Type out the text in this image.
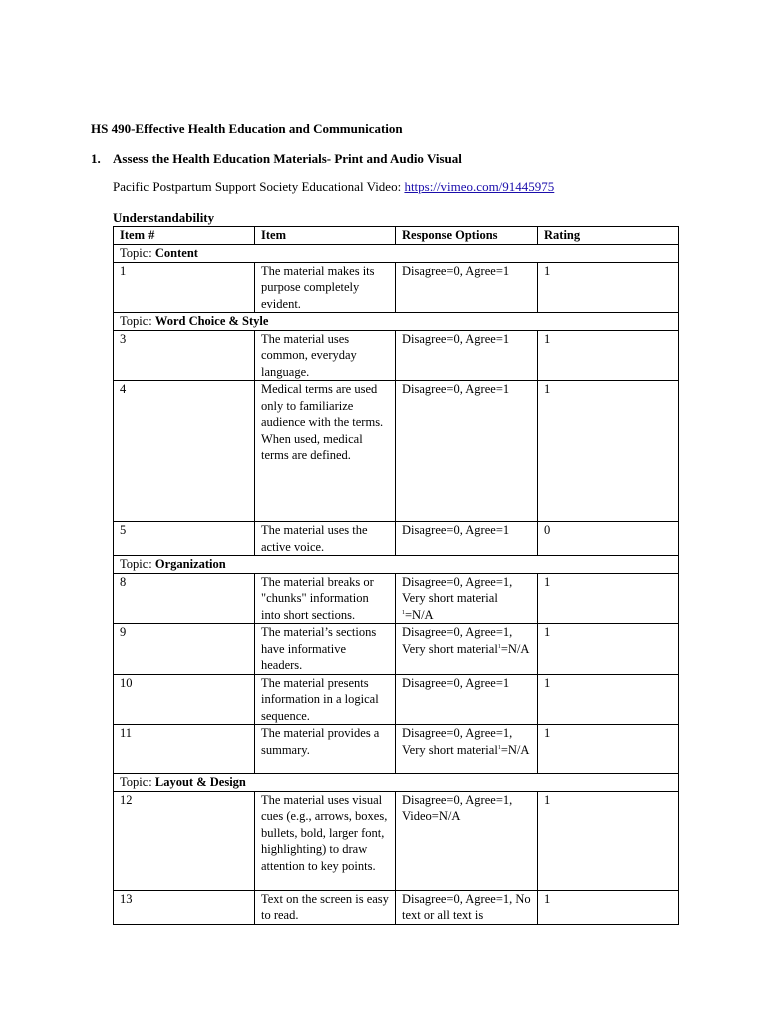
HS 490-Effective Health Education and Communication
1. Assess the Health Education Materials- Print and Audio Visual
Pacific Postpartum Support Society Educational Video: https://vimeo.com/91445975
Understandability
Item #	Item	Response Options	Rating
Topic: Content			
1	The material makes its purpose completely evident.	Disagree=0, Agree=1	1
Topic: Word Choice & Style			
3	The material uses common, everyday language.	Disagree=0, Agree=1	1
4	Medical terms are used only to familiarize audience with the terms. When used, medical terms are defined.	Disagree=0, Agree=1	1
5	The material uses the active voice.	Disagree=0, Agree=1	0
Topic: Organization			
8	The material breaks or "chunks" information into short sections.	Disagree=0, Agree=1, Very short material $^1$=N/A	1
9	The material’s sections have informative headers.	Disagree=0, Agree=1, Very short material$^1$=N/A	1
10	The material presents information in a logical sequence.	Disagree=0, Agree=1	1
11	The material provides a summary.	Disagree=0, Agree=1, Very short material$^1$=N/A	1
Topic: Layout & Design			
12	The material uses visual cues (e.g., arrows, boxes, bullets, bold, larger font, highlighting) to draw attention to key points.	Disagree=0, Agree=1, Video=N/A	1
13	Text on the screen is easy to read.	Disagree=0, Agree=1, No text or all text is	1
